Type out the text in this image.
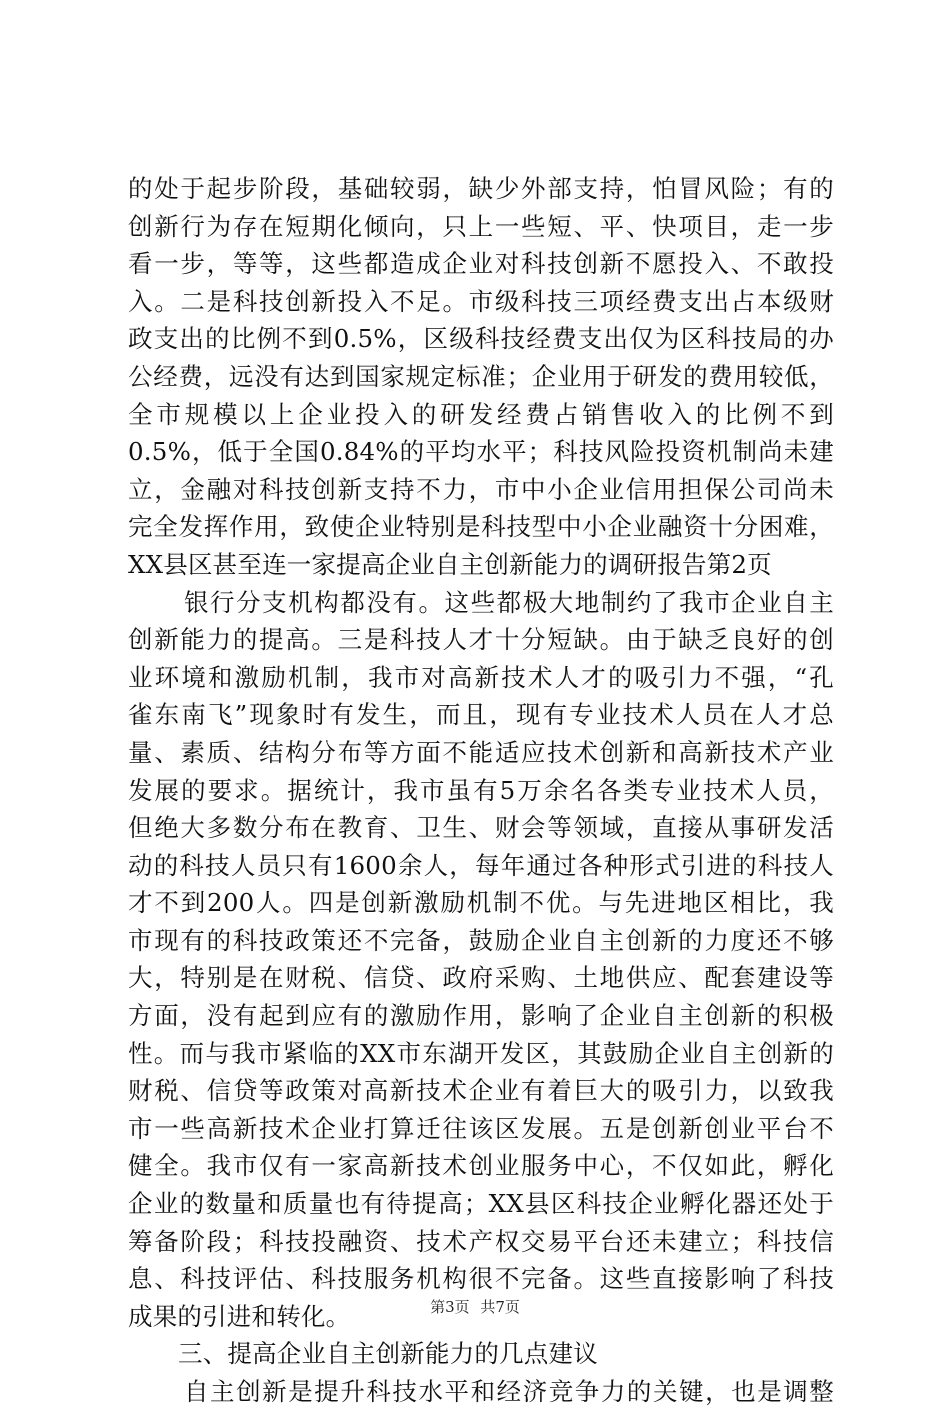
的处于起步阶段，基础较弱，缺少外部支持，怕冒风险；有的
创新行为存在短期化倾向，只上一些短、平、快项目，走一步
看一步，等等，这些都造成企业对科技创新不愿投入、不敢投
入。二是科技创新投入不足。市级科技三项经费支出占本级财
政支出的比例不到0.5%，区级科技经费支出仅为区科技局的办
公经费，远没有达到国家规定标准；企业用于研发的费用较低，
全市规模以上企业投入的研发经费占销售收入的比例不到
0.5%，低于全国0.84%的平均水平；科技风险投资机制尚未建
立，金融对科技创新支持不力，市中小企业信用担保公司尚未
完全发挥作用，致使企业特别是科技型中小企业融资十分困难，
XX县区甚至连一家提高企业自主创新能力的调研报告第2页
银行分支机构都没有。这些都极大地制约了我市企业自主
创新能力的提高。三是科技人才十分短缺。由于缺乏良好的创
业环境和激励机制，我市对高新技术人才的吸引力不强，“孔
雀东南飞”现象时有发生，而且，现有专业技术人员在人才总
量、素质、结构分布等方面不能适应技术创新和高新技术产业
发展的要求。据统计，我市虽有5万余名各类专业技术人员，
但绝大多数分布在教育、卫生、财会等领域，直接从事研发活
动的科技人员只有1600余人，每年通过各种形式引进的科技人
才不到200人。四是创新激励机制不优。与先进地区相比，我
市现有的科技政策还不完备，鼓励企业自主创新的力度还不够
大，特别是在财税、信贷、政府采购、土地供应、配套建设等
方面，没有起到应有的激励作用，影响了企业自主创新的积极
性。而与我市紧临的XX市东湖开发区，其鼓励企业自主创新的
财税、信贷等政策对高新技术企业有着巨大的吸引力，以致我
市一些高新技术企业打算迁往该区发展。五是创新创业平台不
健全。我市仅有一家高新技术创业服务中心，不仅如此，孵化
企业的数量和质量也有待提高；XX县区科技企业孵化器还处于
筹备阶段；科技投融资、技术产权交易平台还未建立；科技信
息、科技评估、科技服务机构很不完备。这些直接影响了科技
成果的引进和转化。
三、提高企业自主创新能力的几点建议
自主创新是提升科技水平和经济竞争力的关键，也是调整
第3页 共7页
